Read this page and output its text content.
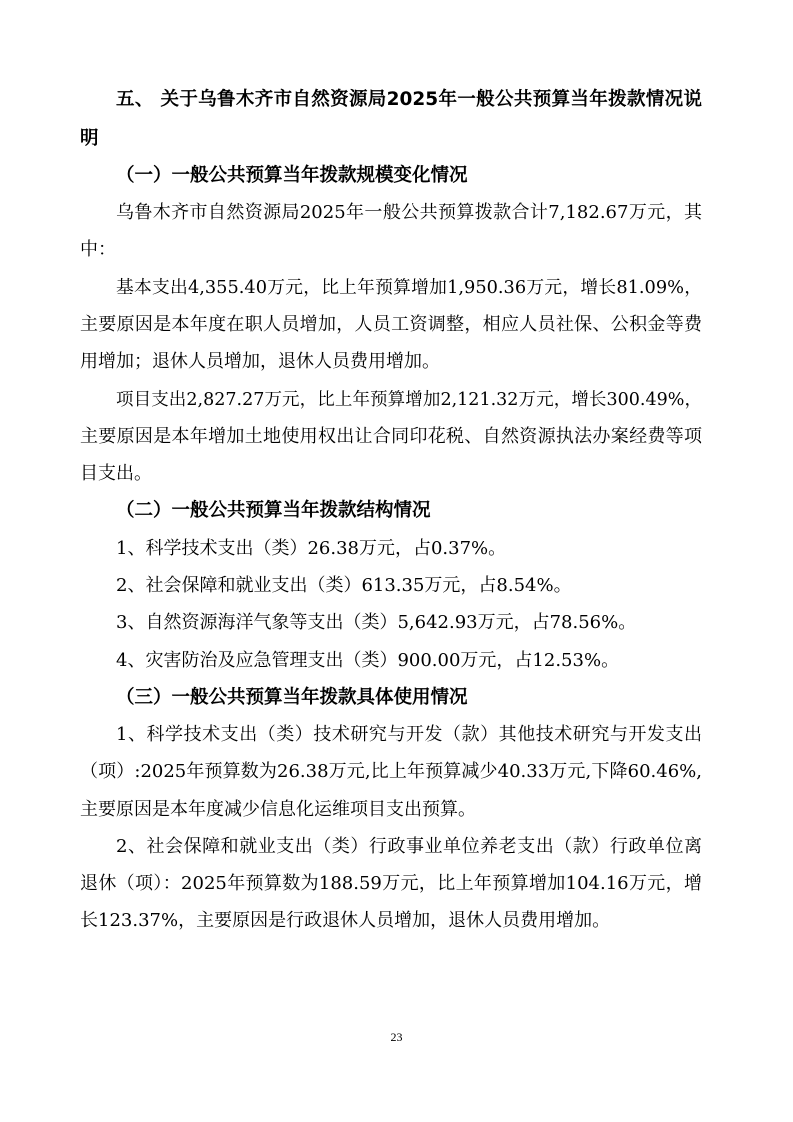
五、 关于乌鲁木齐市自然资源局2025年一般公共预算当年拨款情况说
明
（一）一般公共预算当年拨款规模变化情况
乌鲁木齐市自然资源局2025年一般公共预算拨款合计7,182.67万元，其
中：
基本支出4,355.40万元，比上年预算增加1,950.36万元，增长81.09%，
主要原因是本年度在职人员增加，人员工资调整，相应人员社保、公积金等费
用增加；退休人员增加，退休人员费用增加。
项目支出2,827.27万元，比上年预算增加2,121.32万元，增长300.49%，
主要原因是本年增加土地使用权出让合同印花税、自然资源执法办案经费等项
目支出。
（二）一般公共预算当年拨款结构情况
1、科学技术支出（类）26.38万元，占0.37%。
2、社会保障和就业支出（类）613.35万元，占8.54%。
3、自然资源海洋气象等支出（类）5,642.93万元，占78.56%。
4、灾害防治及应急管理支出（类）900.00万元，占12.53%。
（三）一般公共预算当年拨款具体使用情况
1、科学技术支出（类）技术研究与开发（款）其他技术研究与开发支出
（项）:2025年预算数为26.38万元,比上年预算减少40.33万元,下降60.46%,
主要原因是本年度减少信息化运维项目支出预算。
2、社会保障和就业支出（类）行政事业单位养老支出（款）行政单位离
退休（项）：2025年预算数为188.59万元，比上年预算增加104.16万元，增
长123.37%，主要原因是行政退休人员增加，退休人员费用增加。
23
